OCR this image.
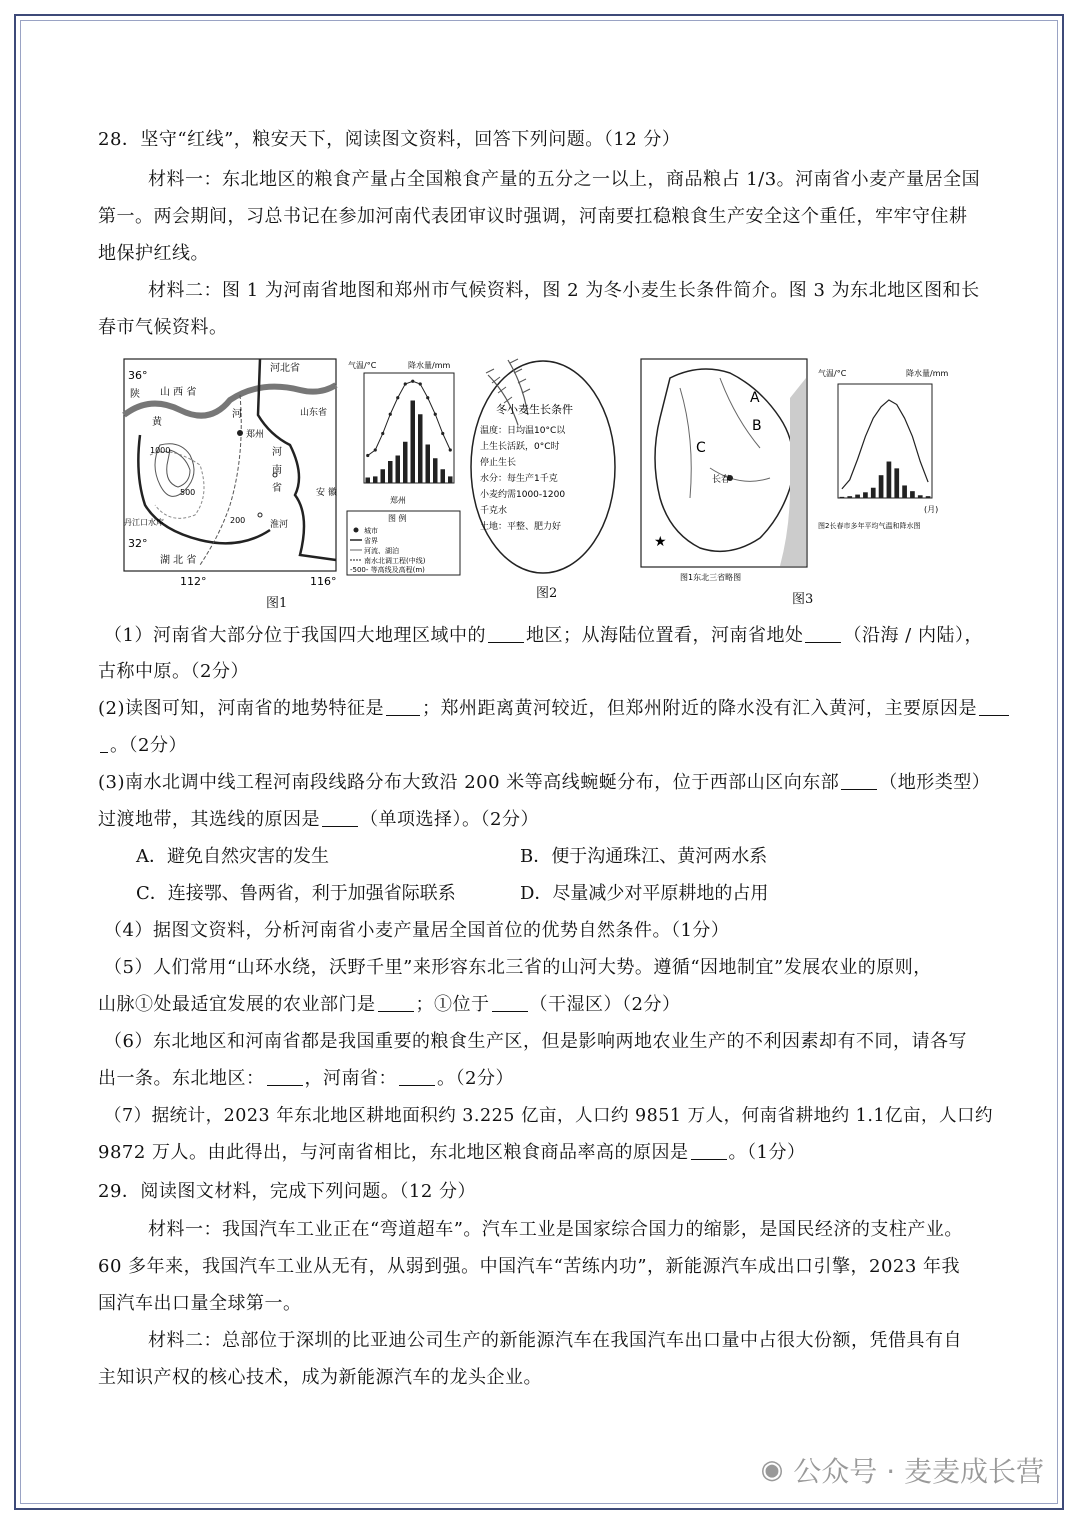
28．坚守“红线”，粮安天下，阅读图文资料，回答下列问题。（12 分）
材料一：东北地区的粮食产量占全国粮食产量的五分之一以上，商品粮占 1/3。河南省小麦产量居全国
第一。两会期间，习总书记在参加河南代表团审议时强调，河南要扛稳粮食生产安全这个重任，牢牢守住耕
地保护红线。
材料二：图 1 为河南省地图和郑州市气候资料，图 2 为冬小麦生长条件简介。图 3 为东北地区图和长
春市气候资料。
36°
32°
112°	116°
河北省
山 西 省
陕
山东省
河
南
省	安 徽
湖 北 省
黄
河
郑州
丹江口水库	淮河
1000
500
200
气温/°C	降水量/mm
郑州
图 例
城市
省界
河流、湖泊
南水北调工程(中线)
-500- 等高线及高程(m)
图1
冬小麦生长条件
温度：日均温10°C以
上生长活跃，0°C时
停止生长
水分：每生产1千克
小麦约需1000-1200
千克水
土地：平整、肥力好
图2
A
B
C
长春
★
图1东北三省略图
气温/°C	降水量/mm
(月)
图2长春市多年平均气温和降水图
图3
（1）河南省大部分位于我国四大地理区域中的 地区；从海陆位置看，河南省地处 （沿海 / 内陆），
古称中原。（2分）
(2)读图可知，河南省的地势特征是 ；郑州距离黄河较近，但郑州附近的降水没有汇入黄河，主要原因是
。（2分）
(3)南水北调中线工程河南段线路分布大致沿 200 米等高线蜿蜒分布，位于西部山区向东部 （地形类型）
过渡地带，其选线的原因是 （单项选择）。（2分）
A．避免自然灾害的发生	B．便于沟通珠江、黄河两水系
C．连接鄂、鲁两省，利于加强省际联系	D．尽量减少对平原耕地的占用
（4）据图文资料，分析河南省小麦产量居全国首位的优势自然条件。（1分）
（5）人们常用“山环水绕，沃野千里”来形容东北三省的山河大势。遵循“因地制宜”发展农业的原则，
山脉①处最适宜发展的农业部门是 ；①位于 （干湿区）（2分）
（6）东北地区和河南省都是我国重要的粮食生产区，但是影响两地农业生产的不利因素却有不同，请各写
出一条。东北地区： ，河南省： 。（2分）
（7）据统计，2023 年东北地区耕地面积约 3.225 亿亩，人口约 9851 万人，何南省耕地约 1.1亿亩，人口约
9872 万人。由此得出，与河南省相比，东北地区粮食商品率高的原因是 。（1分）
29．阅读图文材料，完成下列问题。（12 分）
材料一：我国汽车工业正在“弯道超车”。汽车工业是国家综合国力的缩影，是国民经济的支柱产业。
60 多年来，我国汽车工业从无有，从弱到强。中国汽车“苦练内功”，新能源汽车成出口引擎，2023 年我
国汽车出口量全球第一。
材料二：总部位于深圳的比亚迪公司生产的新能源汽车在我国汽车出口量中占很大份额，凭借具有自
主知识产权的核心技术，成为新能源汽车的龙头企业。
◉ 公众号 · 麦麦成长营
